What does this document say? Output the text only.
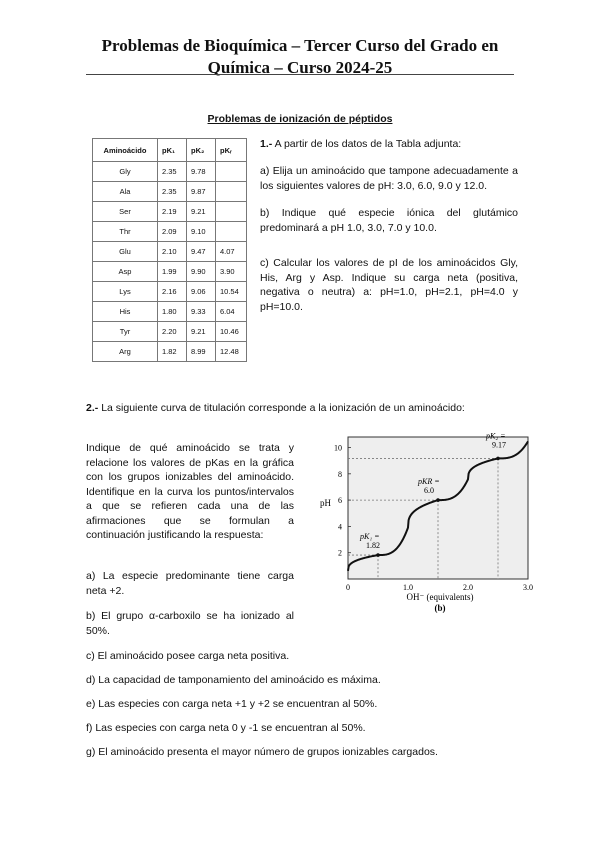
Problemas de Bioquímica – Tercer Curso del Grado en
Química – Curso 2024-25
Problemas de ionización de péptidos
Aminoácido	pK₁	pK₂	pKᵣ
Gly	2.35	9.78	
Ala	2.35	9.87	
Ser	2.19	9.21	
Thr	2.09	9.10	
Glu	2.10	9.47	4.07
Asp	1.99	9.90	3.90
Lys	2.16	9.06	10.54
His	1.80	9.33	6.04
Tyr	2.20	9.21	10.46
Arg	1.82	8.99	12.48
1.- A partir de los datos de la Tabla adjunta:
a) Elija un aminoácido que tampone adecuadamente a los siguientes valores de pH: 3.0, 6.0, 9.0 y 12.0.
b) Indique qué especie iónica del glutámico predominará a pH 1.0, 3.0, 7.0 y 10.0.
c) Calcular los valores de pI de los aminoácidos Gly, His, Arg y Asp. Indique su carga neta (positiva, negativa o neutra) a: pH=1.0, pH=2.1, pH=4.0 y pH=10.0.
2.- La siguiente curva de titulación corresponde a la ionización de un aminoácido:
Indique de qué aminoácido se trata y relacione los valores de pKas en la gráfica con los grupos ionizables del aminoácido. Identifique en la curva los puntos/intervalos a que se refieren cada una de las afirmaciones que se formulan a continuación justificando la respuesta:
a) La especie predominante tiene carga neta +2.
b) El grupo α-carboxilo se ha ionizado al 50%.
c) El aminoácido posee carga neta positiva.
d) La capacidad de tamponamiento del aminoácido es máxima.
e) Las especies con carga neta +1 y +2 se encuentran al 50%.
f) Las especies con carga neta 0 y -1 se encuentran al 50%.
g) El aminoácido presenta el mayor número de grupos ionizables cargados.
pK₁ =
1.82
pKR =
6.0
pK₂ =
9.17
0	1.0	2.0	3.0
2
4
6
8
10
pH
OH⁻ (equivalents)
(b)
